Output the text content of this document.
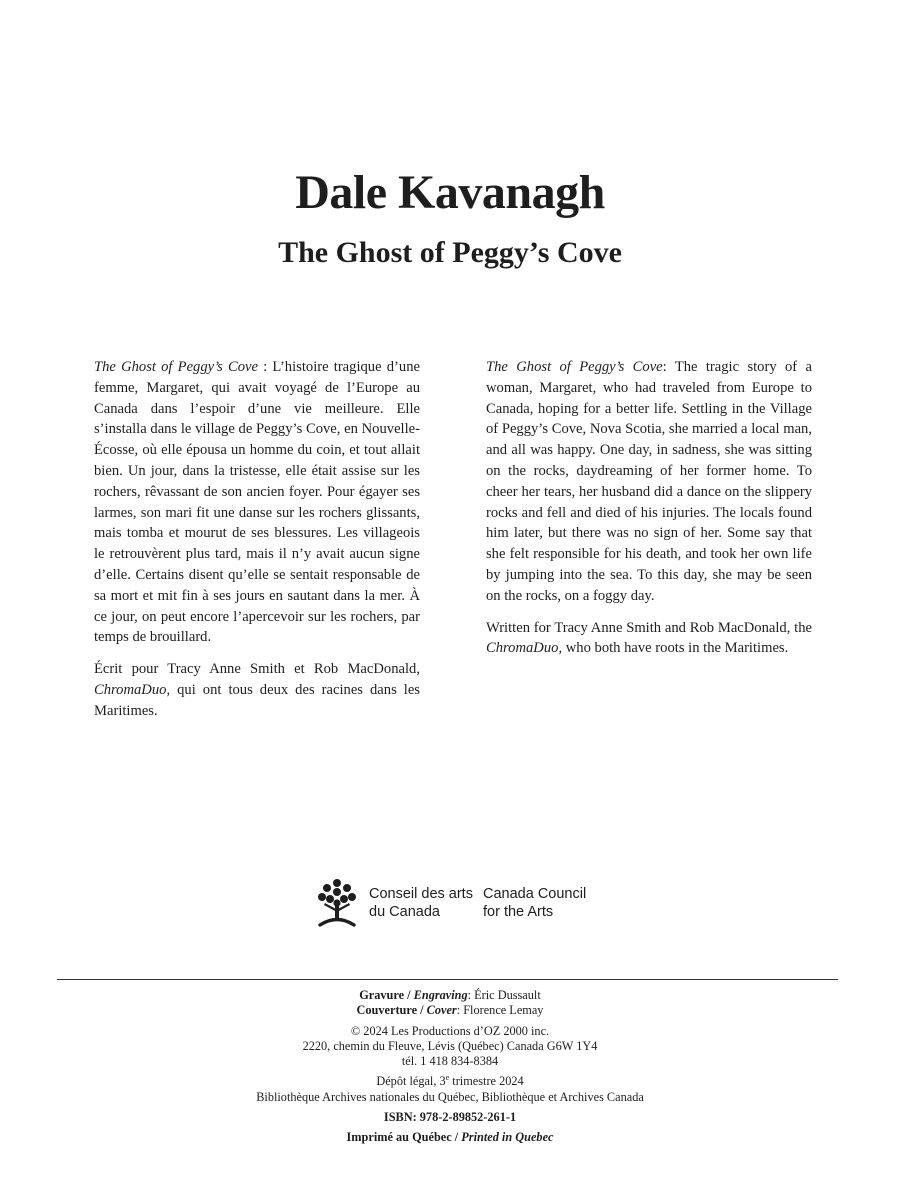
Dale Kavanagh
The Ghost of Peggy’s Cove

The Ghost of Peggy’s Cove : L’histoire tragique d’une femme, Margaret, qui avait voyagé de l’Europe au Canada dans l’espoir d’une vie meilleure. Elle s’installa dans le village de Peggy’s Cove, en Nouvelle-Écosse, où elle épousa un homme du coin, et tout allait bien. Un jour, dans la tristesse, elle était assise sur les rochers, rêvassant de son ancien foyer. Pour égayer ses larmes, son mari fit une danse sur les rochers glissants, mais tomba et mourut de ses blessures. Les villageois le retrouvèrent plus tard, mais il n’y avait aucun signe d’elle. Certains disent qu’elle se sentait responsable de sa mort et mit fin à ses jours en sautant dans la mer. À ce jour, on peut encore l’apercevoir sur les rochers, par temps de brouillard.

Écrit pour Tracy Anne Smith et Rob MacDonald, ChromaDuo, qui ont tous deux des racines dans les Maritimes.

The Ghost of Peggy’s Cove: The tragic story of a woman, Margaret, who had traveled from Europe to Canada, hoping for a better life. Settling in the Village of Peggy’s Cove, Nova Scotia, she married a local man, and all was happy. One day, in sadness, she was sitting on the rocks, daydreaming of her former home. To cheer her tears, her husband did a dance on the slippery rocks and fell and died of his injuries. The locals found him later, but there was no sign of her. Some say that she felt responsible for his death, and took her own life by jumping into the sea. To this day, she may be seen on the rocks, on a foggy day.

Written for Tracy Anne Smith and Rob MacDonald, the ChromaDuo, who both have roots in the Maritimes.

Conseil des arts
du Canada
Canada Council
for the Arts
Gravure / Engraving: Éric Dussault
Couverture / Cover: Florence Lemay
© 2024 Les Productions d’OZ 2000 inc.
2220, chemin du Fleuve, Lévis (Québec) Canada G6W 1Y4
tél. 1 418 834-8384
Dépôt légal, 3e trimestre 2024
Bibliothèque Archives nationales du Québec, Bibliothèque et Archives Canada
ISBN: 978-2-89852-261-1
Imprimé au Québec / Printed in Quebec
